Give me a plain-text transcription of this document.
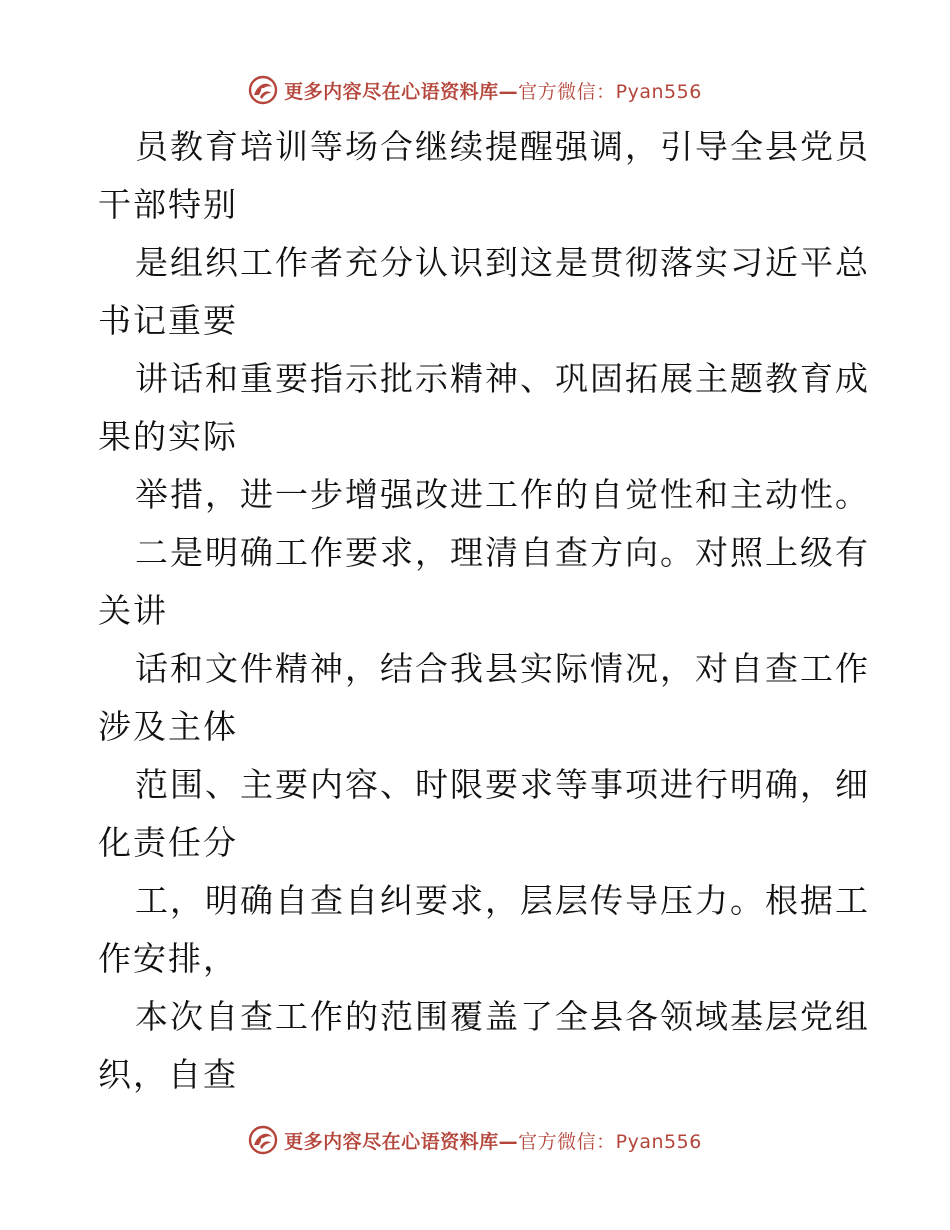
更多内容尽在心语资料库—官方微信：Pyan556

员教育培训等场合继续提醒强调，引导全县党员
干部特别

是组织工作者充分认识到这是贯彻落实习近平总
书记重要

讲话和重要指示批示精神、巩固拓展主题教育成
果的实际

举措，进一步增强改进工作的自觉性和主动性。

二是明确工作要求，理清自查方向。对照上级有
关讲

话和文件精神，结合我县实际情况，对自查工作
涉及主体

范围、主要内容、时限要求等事项进行明确，细
化责任分

工，明确自查自纠要求，层层传导压力。根据工
作安排，

本次自查工作的范围覆盖了全县各领域基层党组
织，自查

更多内容尽在心语资料库—官方微信：Pyan556
